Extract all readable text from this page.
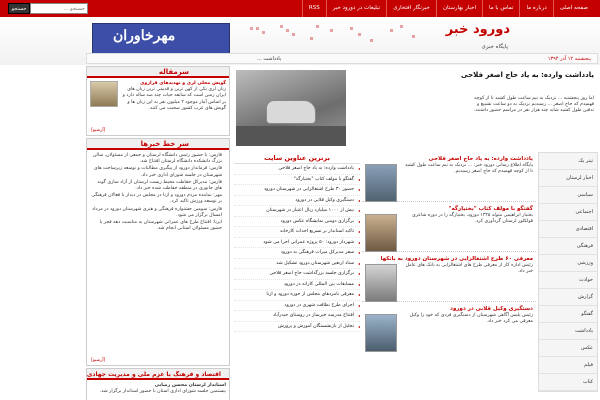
صفحه اصلی
درباره ما
تماس با ما
اخبار بهارستان
خبرنگار افتخاری
تبلیغات در دورود خبر
RSS
جستجو
جستجو ...
دورود خبر
پایگاه خبری
مهرخاوران
پنجشنبه ۱۲ آذر ۱۳۹۴
یادداشت ...
سرمقاله
گویش محلی لری و تهدیدهای فراروی
زبان لری یکی از کهن ترین و قدیمی ترین زبان های ایران زمین است که سابقه حیات چند صد ساله دارد و بر اساس آمار موجود ۴ میلیون نفر به این زبان ها و گویش های غرب کشور صحبت می کنند.
[آرشیو]
سر خط خبرها
فارس: با حضور رئیس دانشگاه لرستان و جمعی از مسئولان، سالن بزرگ دانشکده دانشگاه لرستان افتتاح شد.
فارس: فرماندار دورود از پیگیری مطالبات و توسعه زیرساخت های شهرستان در جلسه شورای اداری خبر داد.
فارس: مدیرکل حفاظت محیط زیست لرستان از آزاد سازی گونه های جانوری در منطقه حفاظت شده خبر داد.
مهر: نماینده مردم دورود و ازنا در مجلس در دیدار با فعالان فرهنگی بر توسعه ورزش تاکید کرد.
فارس: سومین جشنواره فرهنگی و هنری شهرستان دورود در مرداد امسال برگزار می شود.
ایرنا: افتتاح طرح های عمرانی شهرستان به مناسبت دهه فجر با حضور مسئولان استانی انجام شد.
[آرشیو]
اقتصاد و فرهنگ با عزم ملی و مدیریت جهادی
استاندار لرستان محسن رضایی
بیستمین جلسه شورای اداری استان با حضور استاندار برگزار شد.
یادداشت وارده: به یاد حاج اصغر فلاحی
اما روز پنجشنبه ... نزدیک به نیم ساعت طول کشید تا از کوچه فهمیدم که حاج اصغر ... رسیدیم نزدیک به دو ساعت تشییع و تدفین طول کشید شاید چند هزار نفر در مراسم حضور داشتند.
برترین عناوین سایت
◂ یادداشت وارده: به یاد حاج اصغر فلاحی
◂ گفتگو با مولف کتاب "بختیارگه"
◂ حضور ۳۰ طرح اشتغالزایی در شهرستان دورود
◂ دستگیری وکیل قلابی در دورود
◂ بیش از ۱۰۰۰ میلیارد ریال اعتبار در شهرستان
◂ برگزاری دومین نمایشگاه عکس دورود
◂ تاکید استاندار بر تسریع احداث کارخانه
◂ شهردار دورود: ۵۰ پروژه عمرانی اجرا می شود
◂ سفر مدیرکل میراث فرهنگی به دورود
◂ ستاد اربعین شهرستان دورود تشکیل شد
◂ برگزاری جلسه بزرگداشت حاج اصغر فلاحی
◂ مسابقات بین المللی کاراته در دورود
◂ معرفی نامزدهای مجلس از حوزه دورود و ازنا
◂ اجرای طرح نظافت شهری در دورود
◂ افتتاح مدرسه خیرساز در روستای حیدرآباد
◂ تجلیل از بازنشستگان آموزش و پرورش
یادداشت وارده: به یاد حاج اصغر فلاحی
پایگاه اطلاع رسانی دورود خبر: ... نزدیک به نیم ساعت طول کشید تا از کوچه فهمیدم که حاج اصغر رسیدیم.
گفتگو با مولف کتاب "بختیارگه"
بختیار ابراهیمی متولد ۱۳۲۵ دورود، بختیارگه را در دوره شاعری فولکلور لرستان گردآوری کرد.
معرفی ۶۰ طرح اشتغالزایی در شهرستان دورود به بانکها
رئیس اداره کار از معرفی طرح های اشتغالزایی به بانک های عامل خبر داد.
دستگیری وکیل قلابی در دورود
رئیس پلیس آگاهی شهرستان از دستگیری فردی که خود را وکیل معرفی می کرد خبر داد.
تیتر یک
اخبار لرستان
سیاسی
اجتماعی
اقتصادی
فرهنگی
ورزشی
حوادث
گزارش
گفتگو
یادداشت
عکس
فیلم
کتاب
